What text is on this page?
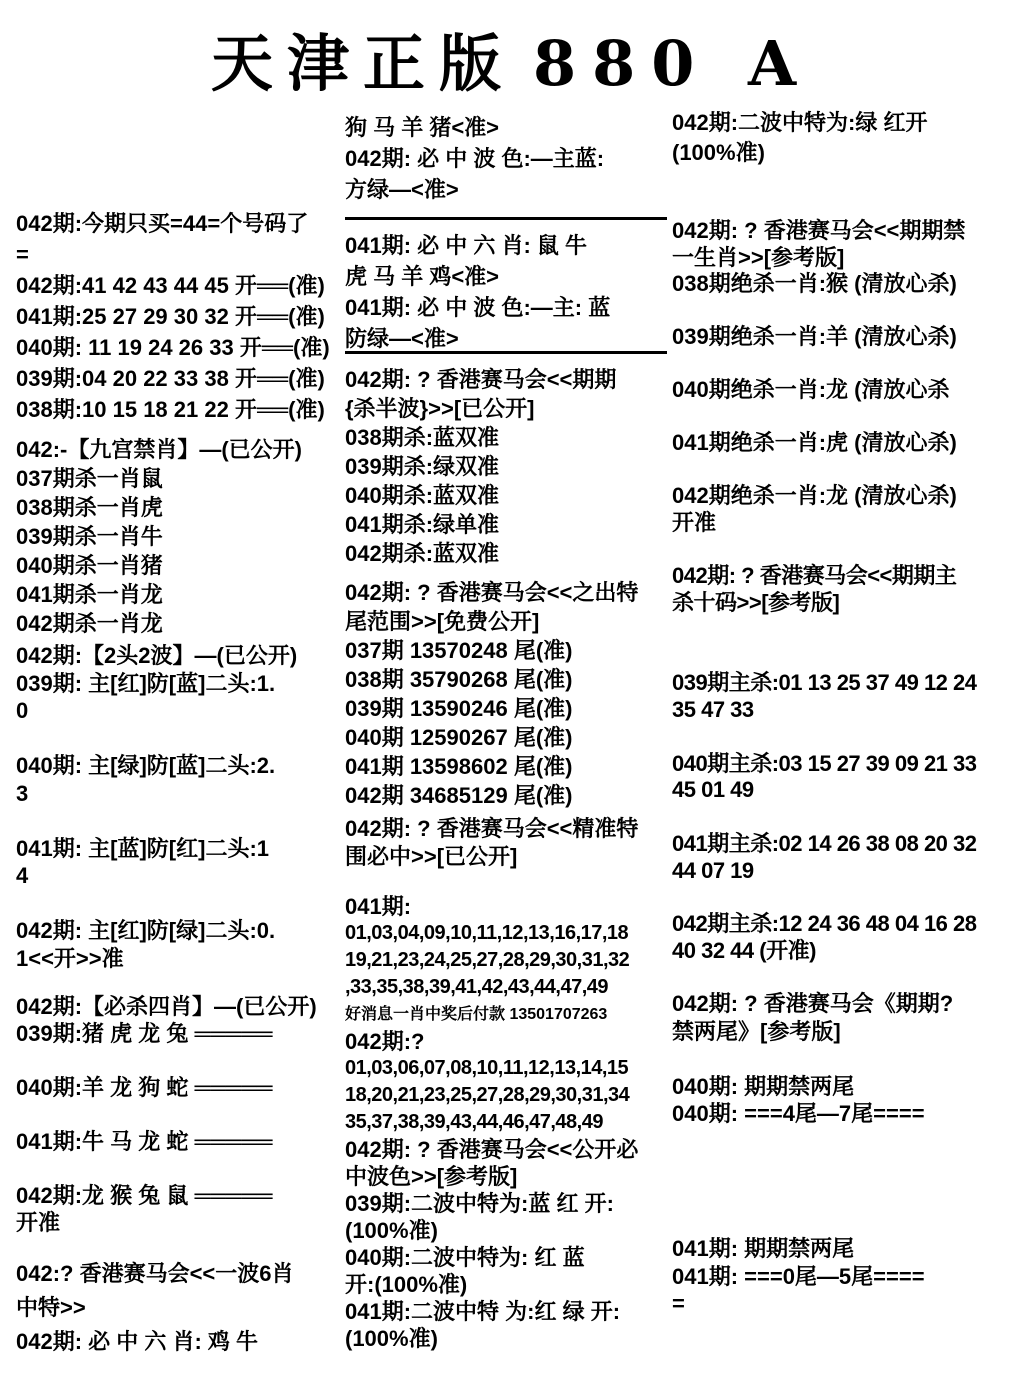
天津正版 880 A
042期:今期只买=44=个号码了
=
042期:41 42 43 44 45 开══(准)
041期:25 27 29 30 32 开══(准)
040期: 11 19 24 26 33 开══(准)
039期:04 20 22 33 38 开══(准)
038期:10 15 18 21 22 开══(准)
042:-【九宫禁肖】—(已公开)
037期杀一肖鼠
038期杀一肖虎
039期杀一肖牛
040期杀一肖猪
041期杀一肖龙
042期杀一肖龙
042期:【2头2波】—(已公开)
039期: 主[红]防[蓝]二头:1.
0
040期: 主[绿]防[蓝]二头:2.
3
041期: 主[蓝]防[红]二头:1
4
042期: 主[红]防[绿]二头:0.
1<<开>>准
042期:【必杀四肖】—(已公开)
039期:猪 虎 龙 兔 ═════
040期:羊 龙 狗 蛇 ═════
041期:牛 马 龙 蛇 ═════
042期:龙 猴 兔 鼠 ═════
开准
042:? 香港赛马会<<一波6肖
中特>>
042期: 必 中 六 肖: 鸡 牛
狗 马 羊 猪<准>
042期: 必 中 波 色:—主蓝:
方绿—<准>
041期: 必 中 六 肖: 鼠 牛
虎 马 羊 鸡<准>
041期: 必 中 波 色:—主: 蓝
防绿—<准>
042期: ? 香港赛马会<<期期
{杀半波}>>[已公开]
038期杀:蓝双准
039期杀:绿双准
040期杀:蓝双准
041期杀:绿单准
042期杀:蓝双准
042期: ? 香港赛马会<<之出特
尾范围>>[免费公开]
037期 13570248 尾(准)
038期 35790268 尾(准)
039期 13590246 尾(准)
040期 12590267 尾(准)
041期 13598602 尾(准)
042期 34685129 尾(准)
042期: ? 香港赛马会<<精准特
围必中>>[已公开]
041期:
01,03,04,09,10,11,12,13,16,17,18
19,21,23,24,25,27,28,29,30,31,32
,33,35,38,39,41,42,43,44,47,49
好消息一肖中奖后付款 13501707263
042期:?
01,03,06,07,08,10,11,12,13,14,15
18,20,21,23,25,27,28,29,30,31,34
35,37,38,39,43,44,46,47,48,49
042期: ? 香港赛马会<<公开必
中波色>>[参考版]
039期:二波中特为:蓝 红 开:
(100%准)
040期:二波中特为: 红 蓝
开:(100%准)
041期:二波中特 为:红 绿 开:
(100%准)
042期:二波中特为:绿 红开
(100%准)
042期: ? 香港赛马会<<期期禁
一生肖>>[参考版]
038期绝杀一肖:猴 (清放心杀)
039期绝杀一肖:羊 (清放心杀)
040期绝杀一肖:龙 (清放心杀
041期绝杀一肖:虎 (清放心杀)
042期绝杀一肖:龙 (清放心杀)
开准
042期: ? 香港赛马会<<期期主
杀十码>>[参考版]
039期主杀:01 13 25 37 49 12 24
35 47 33
040期主杀:03 15 27 39 09 21 33
45 01 49
041期主杀:02 14 26 38 08 20 32
44 07 19
042期主杀:12 24 36 48 04 16 28
40 32 44 (开准)
042期: ? 香港赛马会《期期?
禁两尾》[参考版]
040期: 期期禁两尾
040期: ===4尾—7尾====
041期: 期期禁两尾
041期: ===0尾—5尾====
=
